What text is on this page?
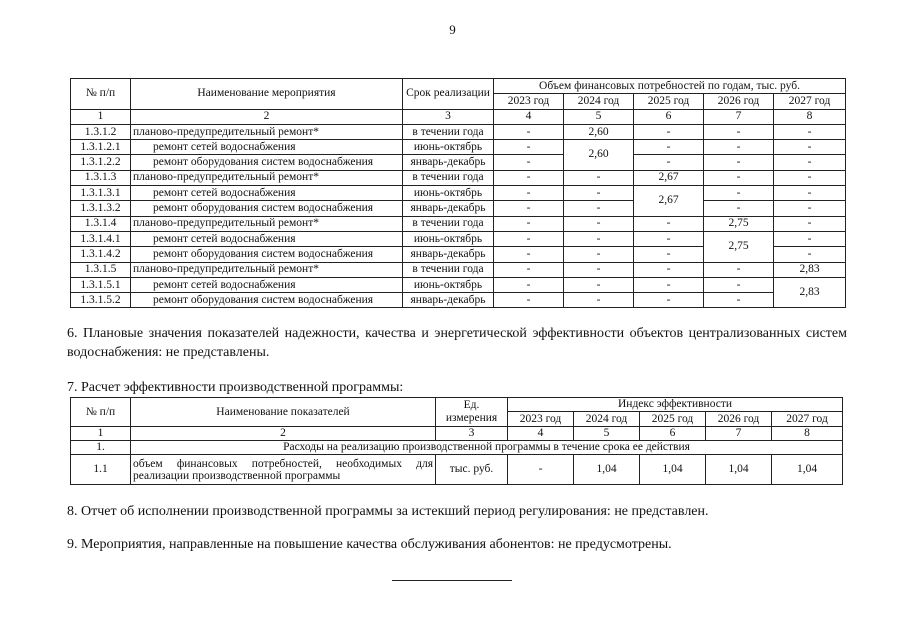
9
№ п/п	Наименование мероприятия	Срок реализации	Объем финансовых потребностей по годам, тыс. руб.				
			2023 год	2024 год	2025 год	2026 год	2027 год
1	2	3	4	5	6	7	8
1.3.1.2	планово-предупредительный ремонт*	в течении года	-	2,60	-	-	-
1.3.1.2.1	ремонт сетей водоснабжения	июнь-октябрь	-	2,60	-	-	-
1.3.1.2.2	ремонт оборудования систем водоснабжения	январь-декабрь	-		-	-	-
1.3.1.3	планово-предупредительный ремонт*	в течении года	-	-	2,67	-	-
1.3.1.3.1	ремонт сетей водоснабжения	июнь-октябрь	-	-	2,67	-	-
1.3.1.3.2	ремонт оборудования систем водоснабжения	январь-декабрь	-	-		-	-
1.3.1.4	планово-предупредительный ремонт*	в течении года	-	-	-	2,75	-
1.3.1.4.1	ремонт сетей водоснабжения	июнь-октябрь	-	-	-	2,75	-
1.3.1.4.2	ремонт оборудования систем водоснабжения	январь-декабрь	-	-	-		-
1.3.1.5	планово-предупредительный ремонт*	в течении года	-	-	-	-	2,83
1.3.1.5.1	ремонт сетей водоснабжения	июнь-октябрь	-	-	-	-	2,83
1.3.1.5.2	ремонт оборудования систем водоснабжения	январь-декабрь	-	-	-	-	
6. Плановые значения показателей надежности, качества и энергетической эффективности объектов централизованных систем водоснабжения: не представлены.
7. Расчет эффективности производственной программы:
№ п/п	Наименование показателей	Ед. измерения	Индекс эффективности				
			2023 год	2024 год	2025 год	2026 год	2027 год
1	2	3	4	5	6	7	8
1.	Расходы на реализацию производственной программы в течение срока ее действия						
1.1	объем финансовых потребностей, необходимых для реализации производственной программы	тыс. руб.	-	1,04	1,04	1,04	1,04
8. Отчет об исполнении производственной программы за истекший период регулирования: не представлен.
9. Мероприятия, направленные на повышение качества обслуживания абонентов: не предусмотрены.
